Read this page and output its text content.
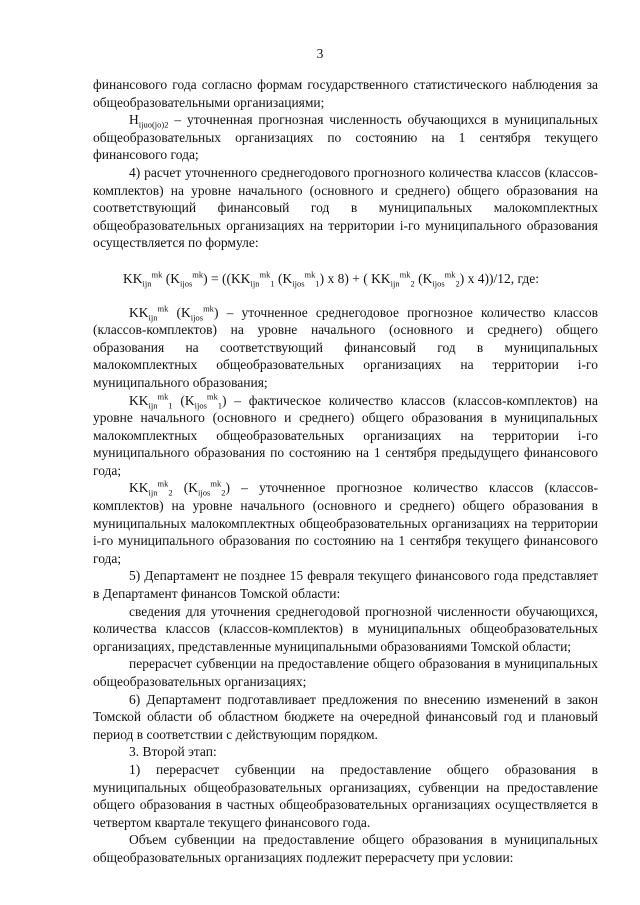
3

финансового года согласно формам государственного статистического наблюдения за общеобразовательными организациями;

$H_{ijuo(jo)2}$ – уточненная прогнозная численность обучающихся в муниципальных общеобразовательных организациях по состоянию на 1 сентября текущего финансового года;

4) расчет уточненного среднегодового прогнозного количества классов (классов-комплектов) на уровне начального (основного и среднего) общего образования на соответствующий финансовый год в муниципальных малокомплектных общеобразовательных организациях на территории i-го муниципального образования осуществляется по формуле:

$KK_{ijn}^{mk}$ $(K_{ijos}^{mk}) = ((KK_{ijn}^{mk}_1$ $(K_{ijos}^{mk}_1)$ x 8) + ( $KK_{ijn}^{mk}_2$ $(K_{ijos}^{mk}_2)$ x 4))/12, где:

$KK_{ijn}^{mk}$ $(K_{ijos}^{mk})$ – уточненное среднегодовое прогнозное количество классов (классов-комплектов) на уровне начального (основного и среднего) общего образования на соответствующий финансовый год в муниципальных малокомплектных общеобразовательных организациях на территории i-го муниципального образования;

$KK_{ijn}^{mk}_1$ $(K_{ijos}^{mk}_1)$ – фактическое количество классов (классов-комплектов) на уровне начального (основного и среднего) общего образования в муниципальных малокомплектных общеобразовательных организациях на территории i-го муниципального образования по состоянию на 1 сентября предыдущего финансового года;

$KK_{ijn}^{mk}_2$ $(K_{ijos}^{mk}_2)$ – уточненное прогнозное количество классов (классов-комплектов) на уровне начального (основного и среднего) общего образования в муниципальных малокомплектных общеобразовательных организациях на территории i-го муниципального образования по состоянию на 1 сентября текущего финансового года;

5) Департамент не позднее 15 февраля текущего финансового года представляет в Департамент финансов Томской области:

сведения для уточнения среднегодовой прогнозной численности обучающихся, количества классов (классов-комплектов) в муниципальных общеобразовательных организациях, представленные муниципальными образованиями Томской области;

перерасчет субвенции на предоставление общего образования в муниципальных общеобразовательных организациях;

6) Департамент подготавливает предложения по внесению изменений в закон Томской области об областном бюджете на очередной финансовый год и плановый период в соответствии с действующим порядком.

3. Второй этап:

1) перерасчет субвенции на предоставление общего образования в муниципальных общеобразовательных организациях, субвенции на предоставление общего образования в частных общеобразовательных организациях осуществляется в четвертом квартале текущего финансового года.

Объем субвенции на предоставление общего образования в муниципальных общеобразовательных организациях подлежит перерасчету при условии:
